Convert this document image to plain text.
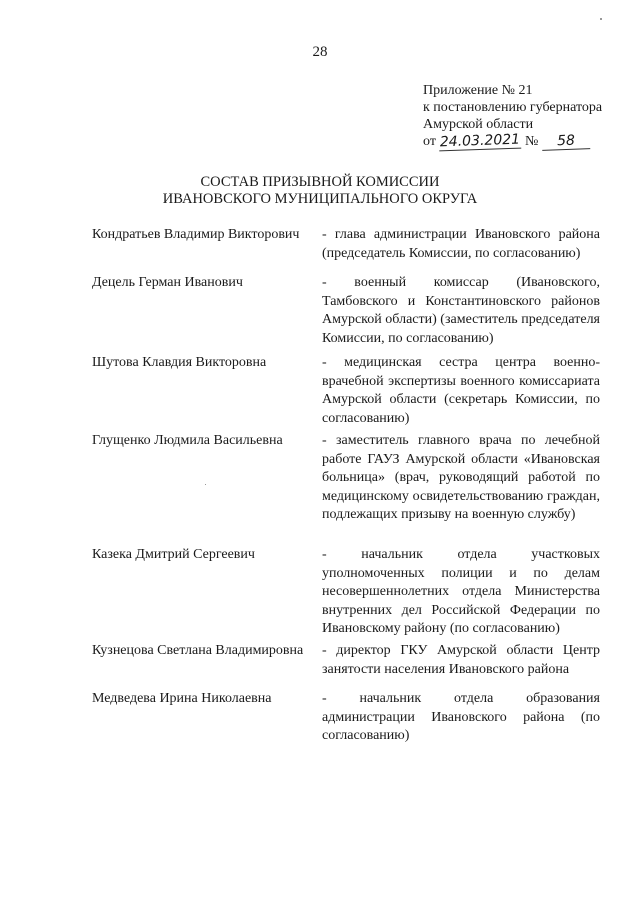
28
Приложение № 21
к постановлению губернатора
Амурской области
от 24.03.2021 № 58
СОСТАВ ПРИЗЫВНОЙ КОМИССИИ
ИВАНОВСКОГО МУНИЦИПАЛЬНОГО ОКРУГА
Кондратьев Владимир Викторович	- глава администрации Ивановского района (председатель Комиссии, по согласованию)
Децель Герман Иванович	- военный комиссар (Ивановского, Тамбовского и Константиновского районов Амурской области) (заместитель председателя Комиссии, по согласованию)
Шутова Клавдия Викторовна	- медицинская сестра центра военно-врачебной экспертизы военного комиссариата Амурской области (секретарь Комиссии, по согласованию)
Глущенко Людмила Васильевна	- заместитель главного врача по лечебной работе ГАУЗ Амурской области «Ивановская больница» (врач, руководящий работой по медицинскому освидетельствованию граждан, подлежащих призыву на военную службу)
Казека Дмитрий Сергеевич	- начальник отдела участковых уполномоченных полиции и по делам несовершеннолетних отдела Министерства внутренних дел Российской Федерации по Ивановскому району (по согласованию)
Кузнецова Светлана Владимировна - директор ГКУ Амурской области Центр занятости населения Ивановского района
Медведева Ирина Николаевна	- начальник отдела образования администрации Ивановского района (по согласованию)
